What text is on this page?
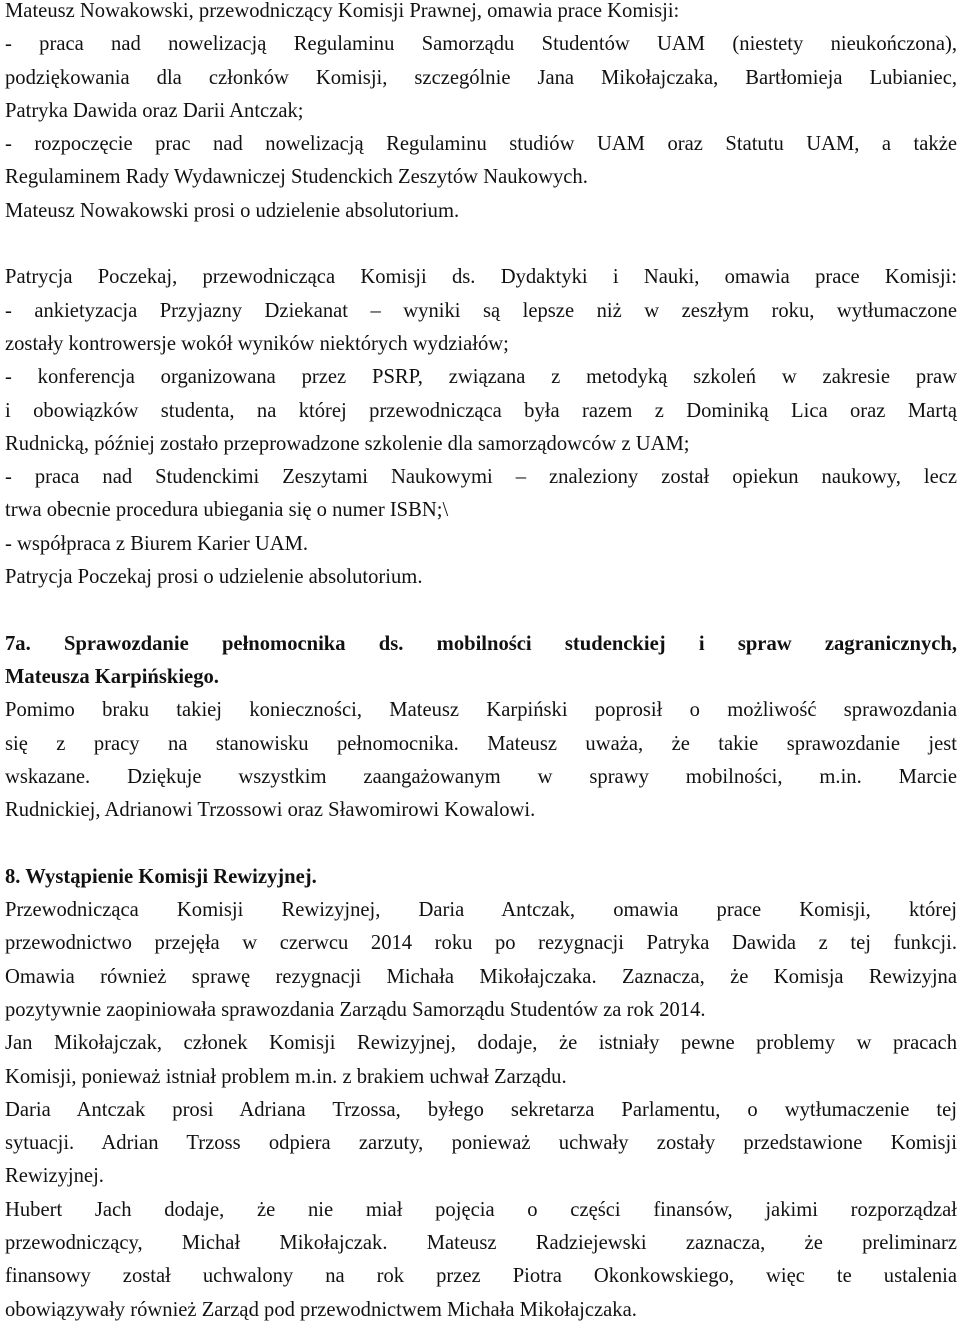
Mateusz Nowakowski, przewodniczący Komisji Prawnej, omawia prace Komisji:
- praca nad nowelizacją Regulaminu Samorządu Studentów UAM (niestety nieukończona),
podziękowania dla członków Komisji, szczególnie Jana Mikołajczaka, Bartłomieja Lubianiec,
Patryka Dawida oraz Darii Antczak;
- rozpoczęcie prac nad nowelizacją Regulaminu studiów UAM oraz Statutu UAM, a także
Regulaminem Rady Wydawniczej Studenckich Zeszytów Naukowych.
Mateusz Nowakowski prosi o udzielenie absolutorium.
Patrycja Poczekaj, przewodnicząca Komisji ds. Dydaktyki i Nauki, omawia prace Komisji:
- ankietyzacja Przyjazny Dziekanat – wyniki są lepsze niż w zeszłym roku, wytłumaczone
zostały kontrowersje wokół wyników niektórych wydziałów;
- konferencja organizowana przez PSRP, związana z metodyką szkoleń w zakresie praw
i obowiązków studenta, na której przewodnicząca była razem z Dominiką Lica oraz Martą
Rudnicką, później zostało przeprowadzone szkolenie dla samorządowców z UAM;
- praca nad Studenckimi Zeszytami Naukowymi – znaleziony został opiekun naukowy, lecz
trwa obecnie procedura ubiegania się o numer ISBN;\
- współpraca z Biurem Karier UAM.
Patrycja Poczekaj prosi o udzielenie absolutorium.
7a. Sprawozdanie pełnomocnika ds. mobilności studenckiej i spraw zagranicznych,
Mateusza Karpińskiego.
Pomimo braku takiej konieczności, Mateusz Karpiński poprosił o możliwość sprawozdania
się z pracy na stanowisku pełnomocnika. Mateusz uważa, że takie sprawozdanie jest
wskazane. Dziękuje wszystkim zaangażowanym w sprawy mobilności, m.in. Marcie
Rudnickiej, Adrianowi Trzossowi oraz Sławomirowi Kowalowi.
8. Wystąpienie Komisji Rewizyjnej.
Przewodnicząca Komisji Rewizyjnej, Daria Antczak, omawia prace Komisji, której
przewodnictwo przejęła w czerwcu 2014 roku po rezygnacji Patryka Dawida z tej funkcji.
Omawia również sprawę rezygnacji Michała Mikołajczaka. Zaznacza, że Komisja Rewizyjna
pozytywnie zaopiniowała sprawozdania Zarządu Samorządu Studentów za rok 2014.
Jan Mikołajczak, członek Komisji Rewizyjnej, dodaje, że istniały pewne problemy w pracach
Komisji, ponieważ istniał problem m.in. z brakiem uchwał Zarządu.
Daria Antczak prosi Adriana Trzossa, byłego sekretarza Parlamentu, o wytłumaczenie tej
sytuacji. Adrian Trzoss odpiera zarzuty, ponieważ uchwały zostały przedstawione Komisji
Rewizyjnej.
Hubert Jach dodaje, że nie miał pojęcia o części finansów, jakimi rozporządzał
przewodniczący, Michał Mikołajczak. Mateusz Radziejewski zaznacza, że preliminarz
finansowy został uchwalony na rok przez Piotra Okonkowskiego, więc te ustalenia
obowiązywały również Zarząd pod przewodnictwem Michała Mikołajczaka.
